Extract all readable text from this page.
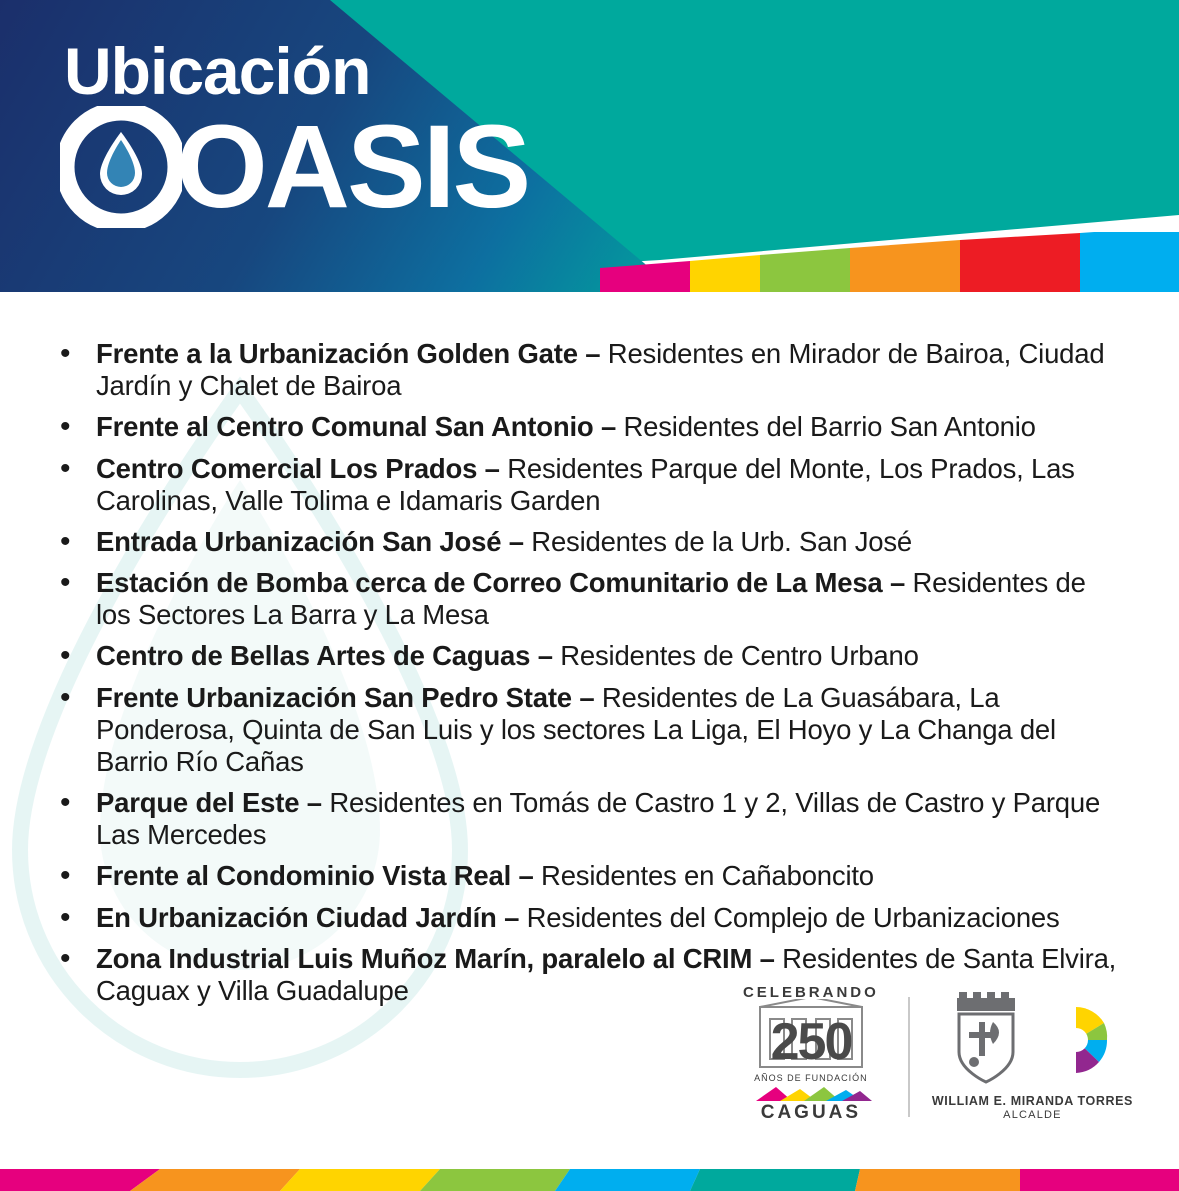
Ubicación
OASIS
• Frente a la Urbanización Golden Gate – Residentes en Mirador de Bairoa, Ciudad Jardín y Chalet de Bairoa
• Frente al Centro Comunal San Antonio – Residentes del Barrio San Antonio
• Centro Comercial Los Prados – Residentes Parque del Monte, Los Prados, Las Carolinas, Valle Tolima e Idamaris Garden
• Entrada Urbanización San José – Residentes de la Urb. San José
• Estación de Bomba cerca de Correo Comunitario de La Mesa – Residentes de los Sectores La Barra y La Mesa
• Centro de Bellas Artes de Caguas – Residentes de Centro Urbano
• Frente Urbanización San Pedro State – Residentes de La Guasábara, La Ponderosa, Quinta de San Luis y los sectores La Liga, El Hoyo y La Changa del Barrio Río Cañas
• Parque del Este – Residentes en Tomás de Castro 1 y 2, Villas de Castro y Parque Las Mercedes
• Frente al Condominio Vista Real – Residentes en Cañaboncito
• En Urbanización Ciudad Jardín – Residentes del Complejo de Urbanizaciones
• Zona Industrial Luis Muñoz Marín, paralelo al CRIM – Residentes de Santa Elvira, Caguax y Villa Guadalupe	CELEBRANDO
250
AÑOS DE FUNDACIÓN
CAGUAS
WILLIAM E. MIRANDA TORRES
ALCALDE
